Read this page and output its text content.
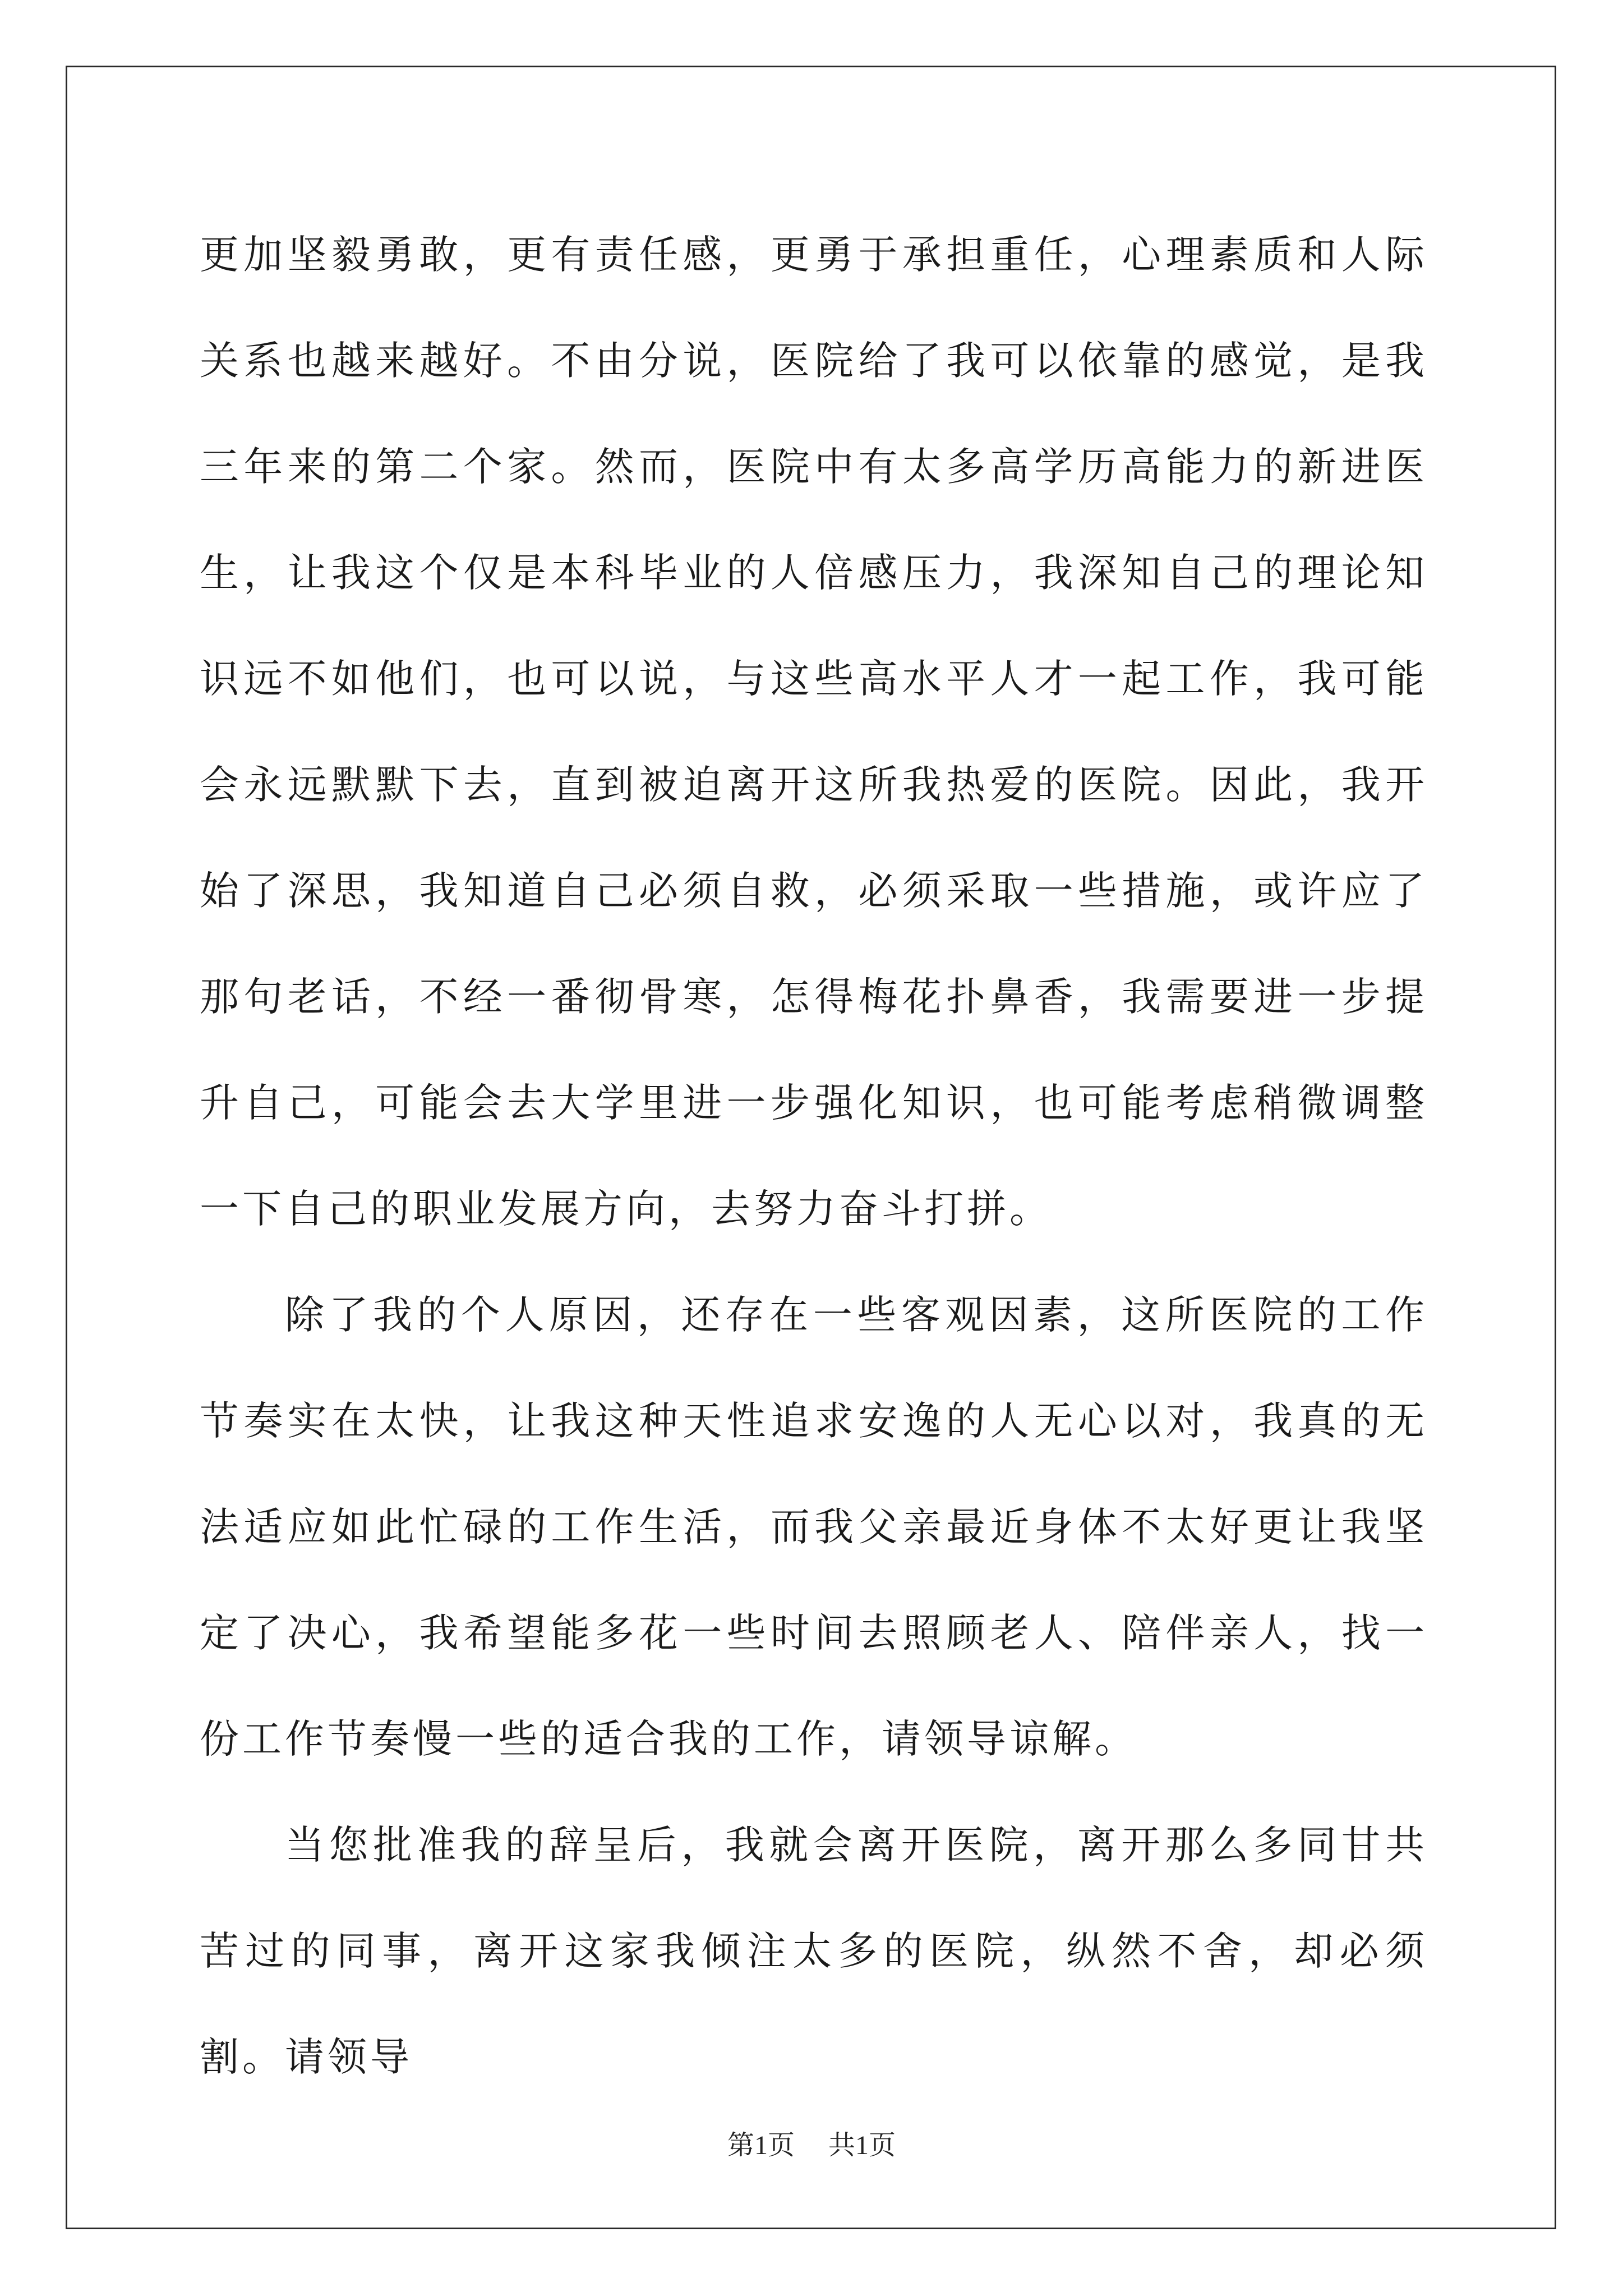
更加坚毅勇敢，更有责任感，更勇于承担重任，心理素质和人际关系也越来越好。不由分说，医院给了我可以依靠的感觉，是我三年来的第二个家。然而，医院中有太多高学历高能力的新进医生，让我这个仅是本科毕业的人倍感压力，我深知自己的理论知识远不如他们，也可以说，与这些高水平人才一起工作，我可能会永远默默下去，直到被迫离开这所我热爱的医院。因此，我开始了深思，我知道自己必须自救，必须采取一些措施，或许应了那句老话，不经一番彻骨寒，怎得梅花扑鼻香，我需要进一步提升自己，可能会去大学里进一步强化知识，也可能考虑稍微调整一下自己的职业发展方向，去努力奋斗打拼。

除了我的个人原因，还存在一些客观因素，这所医院的工作节奏实在太快，让我这种天性追求安逸的人无心以对，我真的无法适应如此忙碌的工作生活，而我父亲最近身体不太好更让我坚定了决心，我希望能多花一些时间去照顾老人、陪伴亲人，找一份工作节奏慢一些的适合我的工作，请领导谅解。

当您批准我的辞呈后，我就会离开医院，离开那么多同甘共苦过的同事，离开这家我倾注太多的医院，纵然不舍，却必须割。请领导

第1页 共1页
